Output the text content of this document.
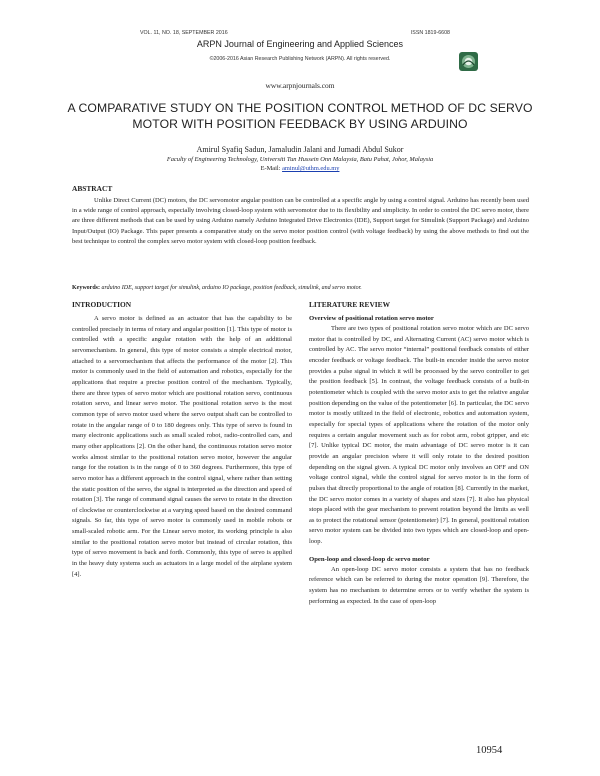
VOL. 11, NO. 18, SEPTEMBER 2016	ISSN 1819-6608
ARPN Journal of Engineering and Applied Sciences
©2006-2016 Asian Research Publishing Network (ARPN). All rights reserved.
www.arpnjournals.com
A COMPARATIVE STUDY ON THE POSITION CONTROL METHOD OF DC SERVO MOTOR WITH POSITION FEEDBACK BY USING ARDUINO
Amirul Syafiq Sadun, Jamaludin Jalani and Jumadi Abdul Sukor
Faculty of Engineering Technology, Universiti Tun Hussein Onn Malaysia, Batu Pahat, Johor, Malaysia
E-Mail: aminul@uthm.edu.my
ABSTRACT
Unlike Direct Current (DC) motors, the DC servomotor angular position can be controlled at a specific angle by using a control signal. Arduino has recently been used in a wide range of control approach, especially involving closed-loop system with servomotor due to its flexibility and simplicity. In order to control the DC servo motor, there are three different methods that can be used by using Arduino namely Arduino Integrated Drive Electronics (IDE), Support target for Simulink (Support Package) and Arduino Input/Output (IO) Package. This paper presents a comparative study on the servo motor position control (with voltage feedback) by using the above methods to find out the best technique to control the complex servo motor system with closed-loop position feedback.
Keywords: arduino IDE, support target for simulink, arduino IO package, position feedback, simulink, and servo motor.
INTRODUCTION

A servo motor is defined as an actuator that has the capability to be controlled precisely in terms of rotary and angular position [1]. This type of motor is controlled with a specific angular rotation with the help of an additional servomechanism. In general, this type of motor consists a simple electrical motor, attached to a servomechanism that affects the performance of the motor [2]. This motor is commonly used in the field of automation and robotics, especially for the applications that require a precise position control of the mechanism. Typically, there are three types of servo motor which are positional rotation servo, continuous rotation servo, and linear servo motor. The positional rotation servo is the most common type of servo motor used where the servo output shaft can be controlled to rotate in the angular range of 0 to 180 degrees only. This type of servo is found in many electronic applications such as small scaled robot, radio-controlled cars, and many other applications [2]. On the other hand, the continuous rotation servo motor works almost similar to the positional rotation servo motor, however the angular range for the rotation is in the range of 0 to 360 degrees. Furthermore, this type of servo motor has a different approach in the control signal, where rather than setting the static position of the servo, the signal is interpreted as the direction and speed of rotation [3]. The range of command signal causes the servo to rotate in the direction of clockwise or counterclockwise at a varying speed based on the desired command signals. So far, this type of servo motor is commonly used in mobile robots or small-scaled robotic arm. For the Linear servo motor, its working principle is also similar to the positional rotation servo motor but instead of circular rotation, this type of servo movement is back and forth. Commonly, this type of servo is applied in the heavy duty systems such as actuators in a large model of the airplane system [4].

LITERATURE REVIEW
Overview of positional rotation servo motor

There are two types of positional rotation servo motor which are DC servo motor that is controlled by DC, and Alternating Current (AC) servo motor which is controlled by AC. The servo motor “internal” positional feedback consists of either encoder feedback or voltage feedback. The built-in encoder inside the servo motor provides a pulse signal in which it will be processed by the servo controller to get the position feedback [5]. In contrast, the voltage feedback consists of a built-in potentiometer which is coupled with the servo motor axis to get the relative angular position depending on the value of the potentiometer [6]. In particular, the DC servo motor is mostly utilized in the field of electronic, robotics and automation system, especially for special types of applications where the rotation of the motor only requires a certain angular movement such as for robot arm, robot gripper, and etc [7]. Unlike typical DC motor, the main advantage of DC servo motor is it can provide an angular precision where it will only rotate to the desired position depending on the signal given. A typical DC motor only involves an OFF and ON voltage control signal, while the control signal for servo motor is in the form of pulses that directly proportional to the angle of rotation [8]. Currently in the market, the DC servo motor comes in a variety of shapes and sizes [7]. It also has physical stops placed with the gear mechanism to prevent rotation beyond the limits as well as to protect the rotational sensor (potentiometer) [7]. In general, positional rotation servo motor system can be divided into two types which are closed-loop and open-loop.

Open-loop and closed-loop dc servo motor

An open-loop DC servo motor consists a system that has no feedback reference which can be referred to during the motor operation [9]. Therefore, the system has no mechanism to determine errors or to verify whether the system is performing as expected. In the case of open-loop

10954
